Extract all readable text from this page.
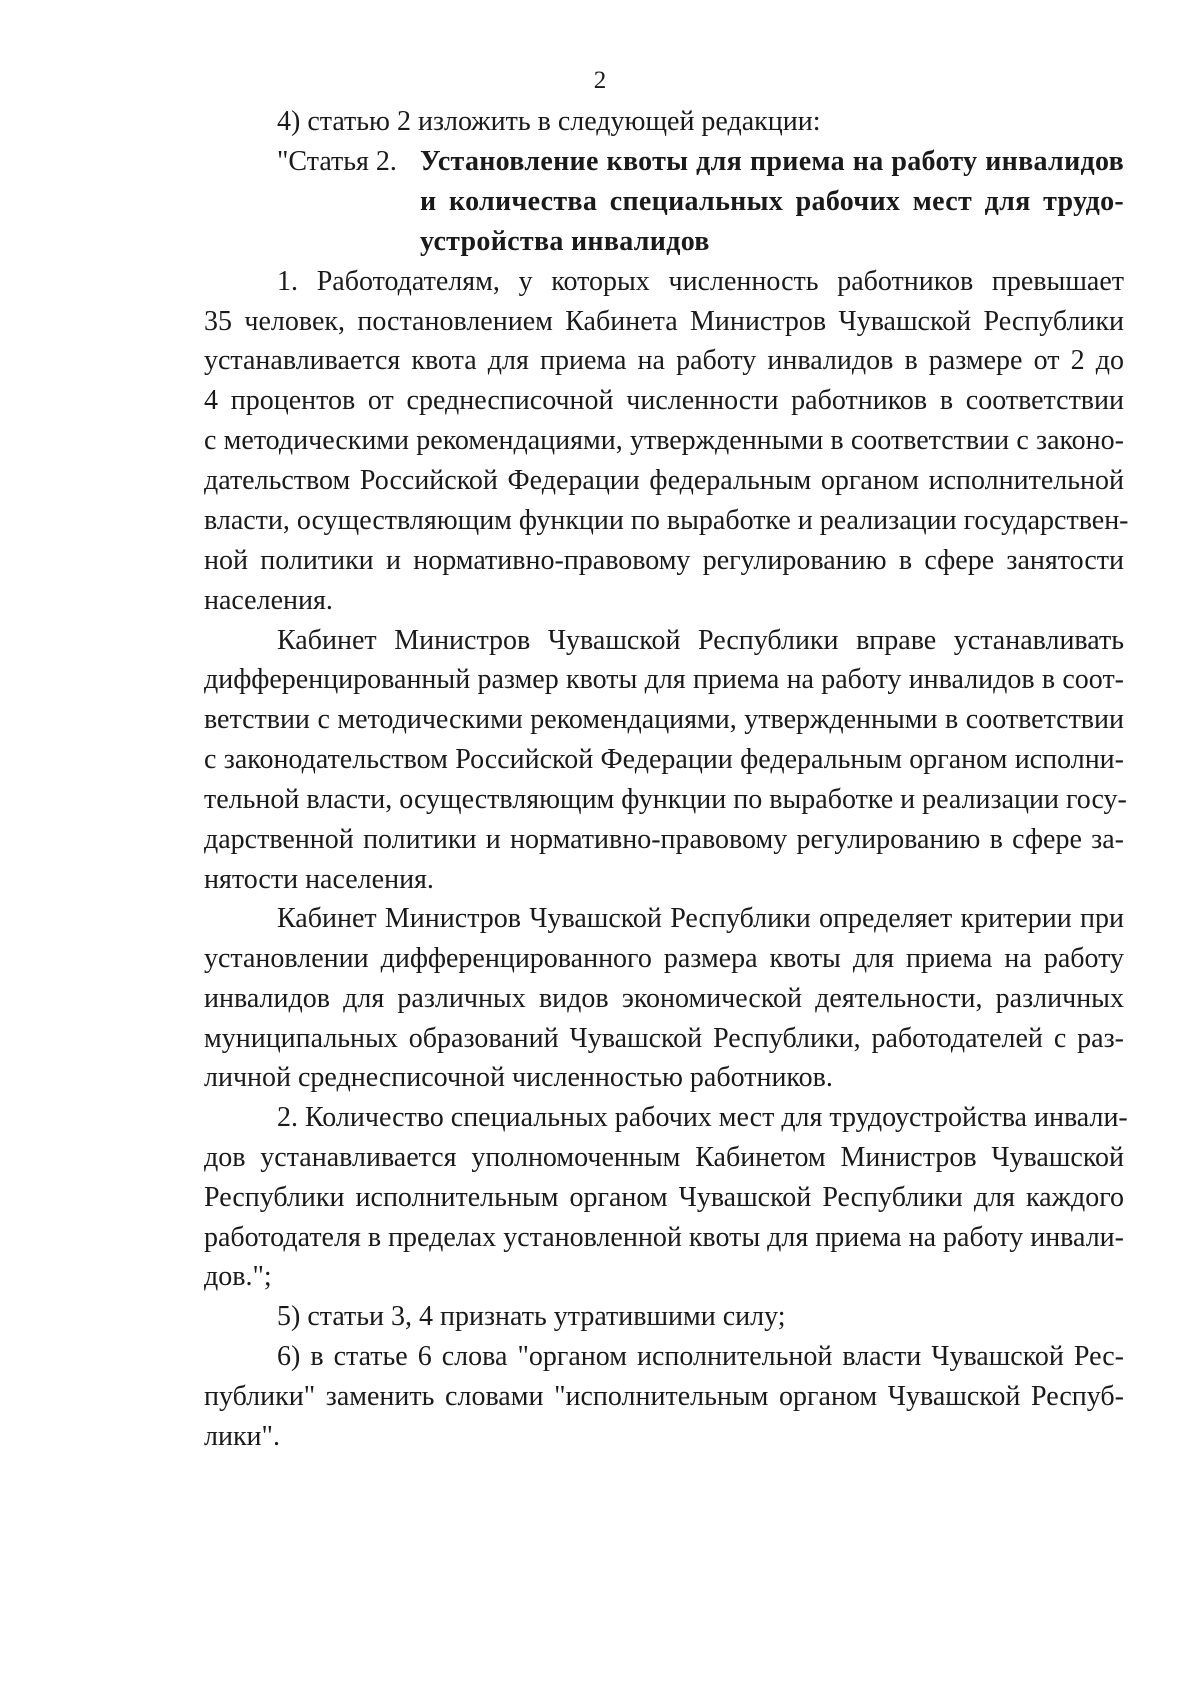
2
4) статью 2 изложить в следующей редакции:
"Статья 2. Установление квоты для приема на работу инвалидов
и количества специальных рабочих мест для трудо-
устройства инвалидов
1. Работодателям, у которых численность работников превышает
35 человек, постановлением Кабинета Министров Чувашской Республики
устанавливается квота для приема на работу инвалидов в размере от 2 до
4 процентов от среднесписочной численности работников в соответствии
с методическими рекомендациями, утвержденными в соответствии с законо-
дательством Российской Федерации федеральным органом исполнительной
власти, осуществляющим функции по выработке и реализации государствен-
ной политики и нормативно-правовому регулированию в сфере занятости
населения.
Кабинет Министров Чувашской Республики вправе устанавливать
дифференцированный размер квоты для приема на работу инвалидов в соот-
ветствии с методическими рекомендациями, утвержденными в соответствии
с законодательством Российской Федерации федеральным органом исполни-
тельной власти, осуществляющим функции по выработке и реализации госу-
дарственной политики и нормативно-правовому регулированию в сфере за-
нятости населения.
Кабинет Министров Чувашской Республики определяет критерии при
установлении дифференцированного размера квоты для приема на работу
инвалидов для различных видов экономической деятельности, различных
муниципальных образований Чувашской Республики, работодателей с раз-
личной среднесписочной численностью работников.
2. Количество специальных рабочих мест для трудоустройства инвали-
дов устанавливается уполномоченным Кабинетом Министров Чувашской
Республики исполнительным органом Чувашской Республики для каждого
работодателя в пределах установленной квоты для приема на работу инвали-
дов.";
5) статьи 3, 4 признать утратившими силу;
6) в статье 6 слова "органом исполнительной власти Чувашской Рес-
публики" заменить словами "исполнительным органом Чувашской Респуб-
лики".
